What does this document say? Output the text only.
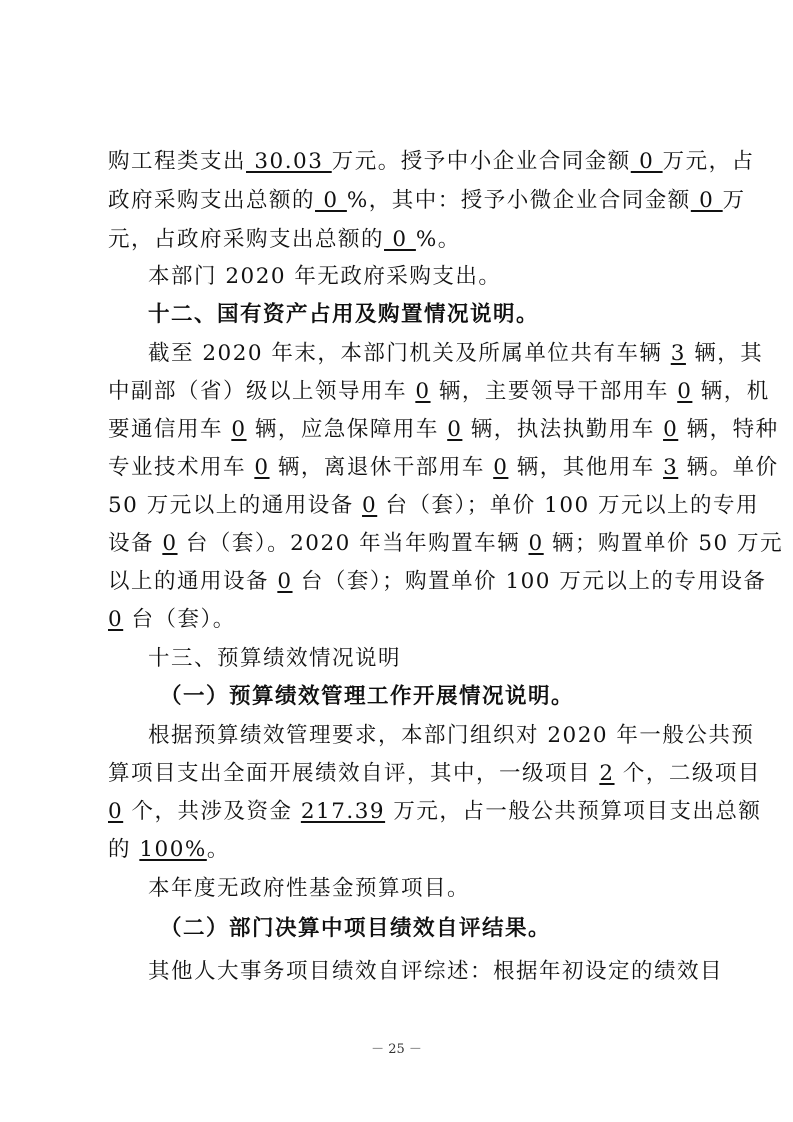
购工程类支出 30.03 万元。授予中小企业合同金额 0 万元，占
政府采购支出总额的 0 %，其中：授予小微企业合同金额 0 万
元，占政府采购支出总额的 0 %。
本部门 2020 年无政府采购支出。
十二、国有资产占用及购置情况说明。
截至 2020 年末，本部门机关及所属单位共有车辆 3 辆，其
中副部（省）级以上领导用车 0 辆，主要领导干部用车 0 辆，机
要通信用车 0 辆，应急保障用车 0 辆，执法执勤用车 0 辆，特种
专业技术用车 0 辆，离退休干部用车 0 辆，其他用车 3 辆。单价
50 万元以上的通用设备 0 台（套）；单价 100 万元以上的专用
设备 0 台（套）。2020 年当年购置车辆 0 辆；购置单价 50 万元
以上的通用设备 0 台（套）；购置单价 100 万元以上的专用设备
0 台（套）。
十三、预算绩效情况说明
（一）预算绩效管理工作开展情况说明。
根据预算绩效管理要求，本部门组织对 2020 年一般公共预
算项目支出全面开展绩效自评，其中，一级项目 2 个，二级项目
0 个，共涉及资金 217.39 万元，占一般公共预算项目支出总额
的 100%。
本年度无政府性基金预算项目。
（二）部门决算中项目绩效自评结果。
其他人大事务项目绩效自评综述：根据年初设定的绩效目
－ 25 －
